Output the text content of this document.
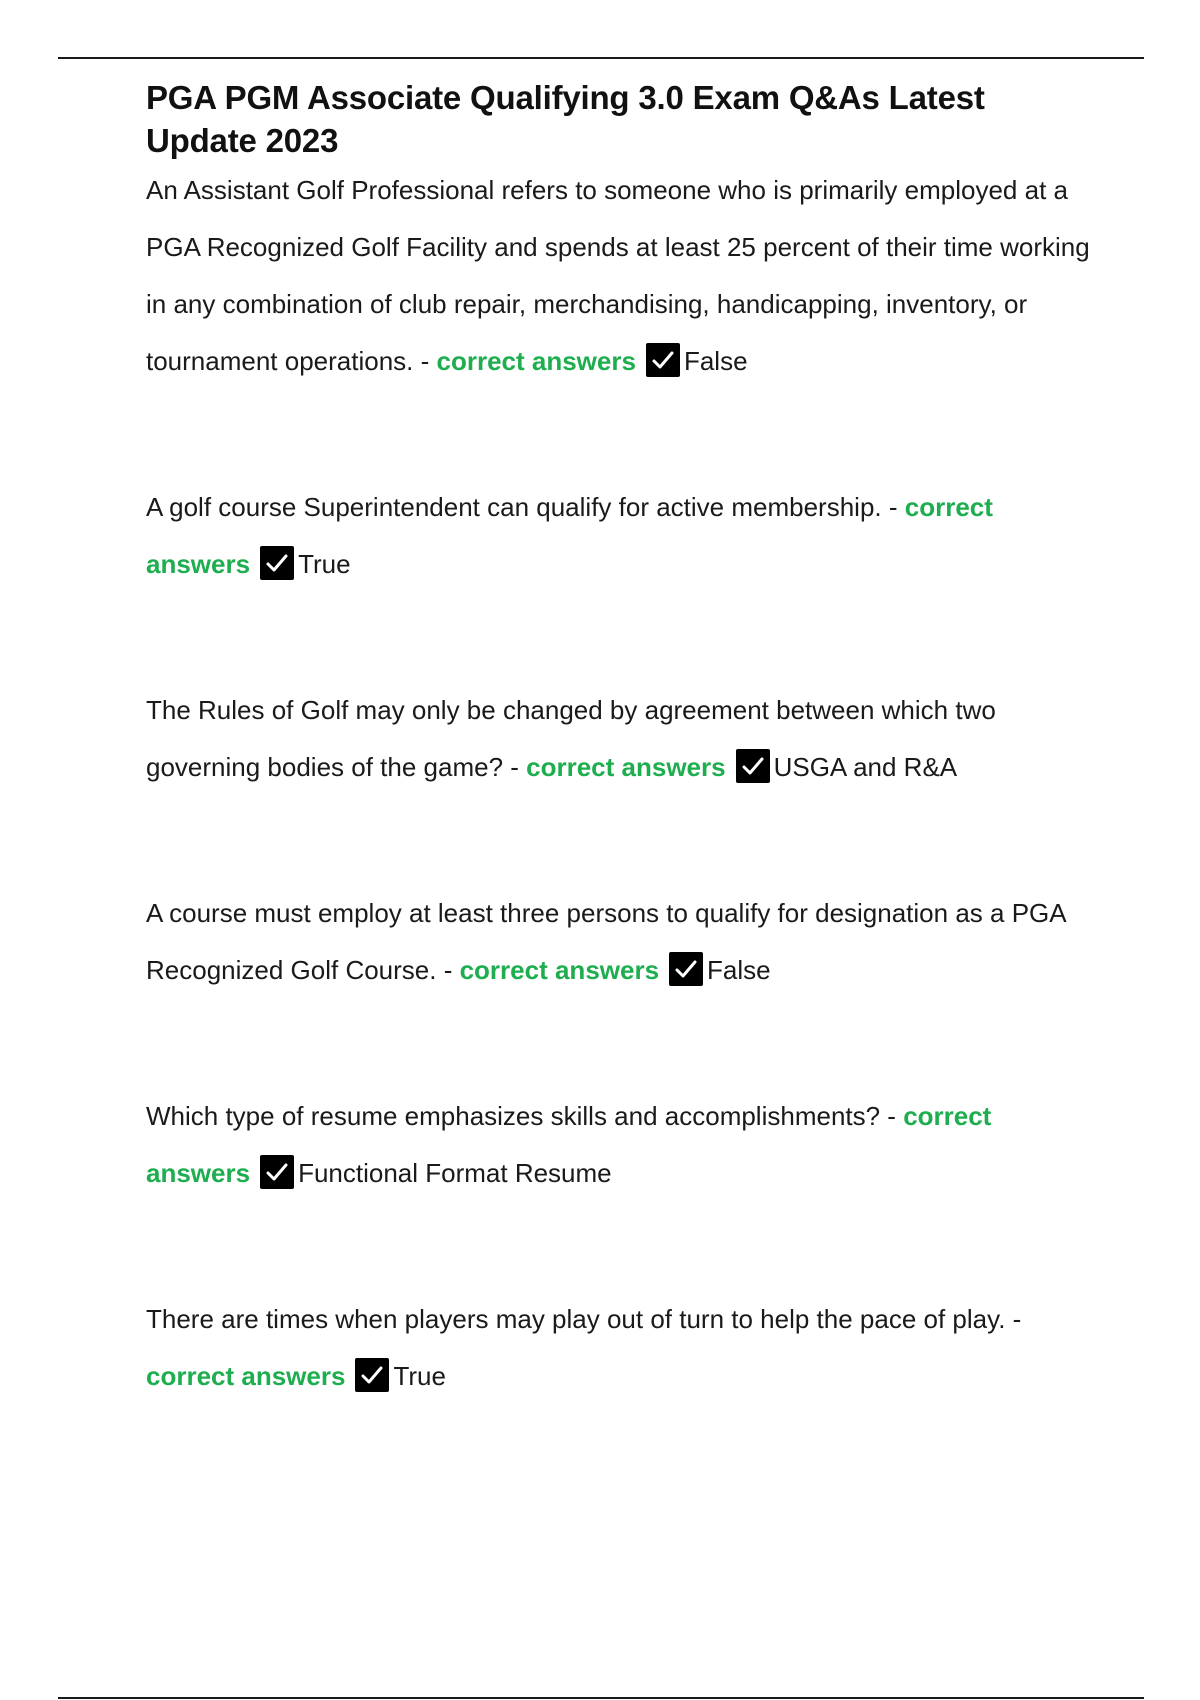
PGA PGM Associate Qualifying 3.0 Exam Q&As Latest Update 2023

An Assistant Golf Professional refers to someone who is primarily employed at a PGA Recognized Golf Facility and spends at least 25 percent of their time working in any combination of club repair, merchandising, handicapping, inventory, or tournament operations. - correct answers False

A golf course Superintendent can qualify for active membership. - correct answers True

The Rules of Golf may only be changed by agreement between which two governing bodies of the game? - correct answers USGA and R&A

A course must employ at least three persons to qualify for designation as a PGA Recognized Golf Course. - correct answers False

Which type of resume emphasizes skills and accomplishments? - correct answers Functional Format Resume

There are times when players may play out of turn to help the pace of play. - correct answers True
